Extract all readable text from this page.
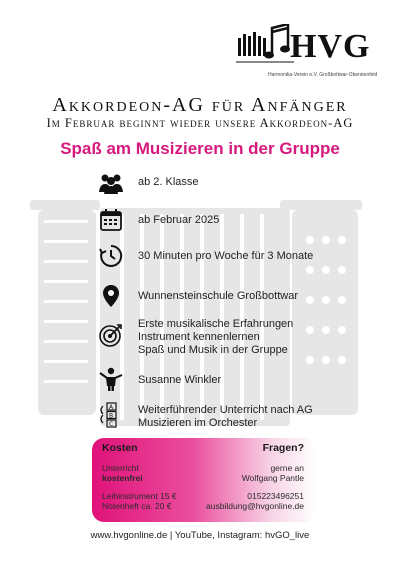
HVG
Harmonika-Verein e.V. Großbottwar-Oberstenfeld
Akkordeon-AG für Anfänger
Im Februar beginnt wieder unsere Akkordeon-AG
Spaß am Musizieren in der Gruppe
ab 2. Klasse
ab Februar 2025
30 Minuten pro Woche für 3 Monate
Wunnensteinschule Großbottwar
Erste musikalische Erfahrungen
Instrument kennenlernen
Spaß und Musik in der Gruppe
Susanne Winkler
A
B
C
Weiterführender Unterricht nach AG
Musizieren im Orchester
Kosten
Unterricht
kostenfrei
Leihinstrument 15 €
Notenheft ca. 20 €
Fragen?
gerne an
Wolfgang Pantle
015223496251
ausbildung@hvgonline.de
www.hvgonline.de | YouTube, Instagram: hvGO_live
